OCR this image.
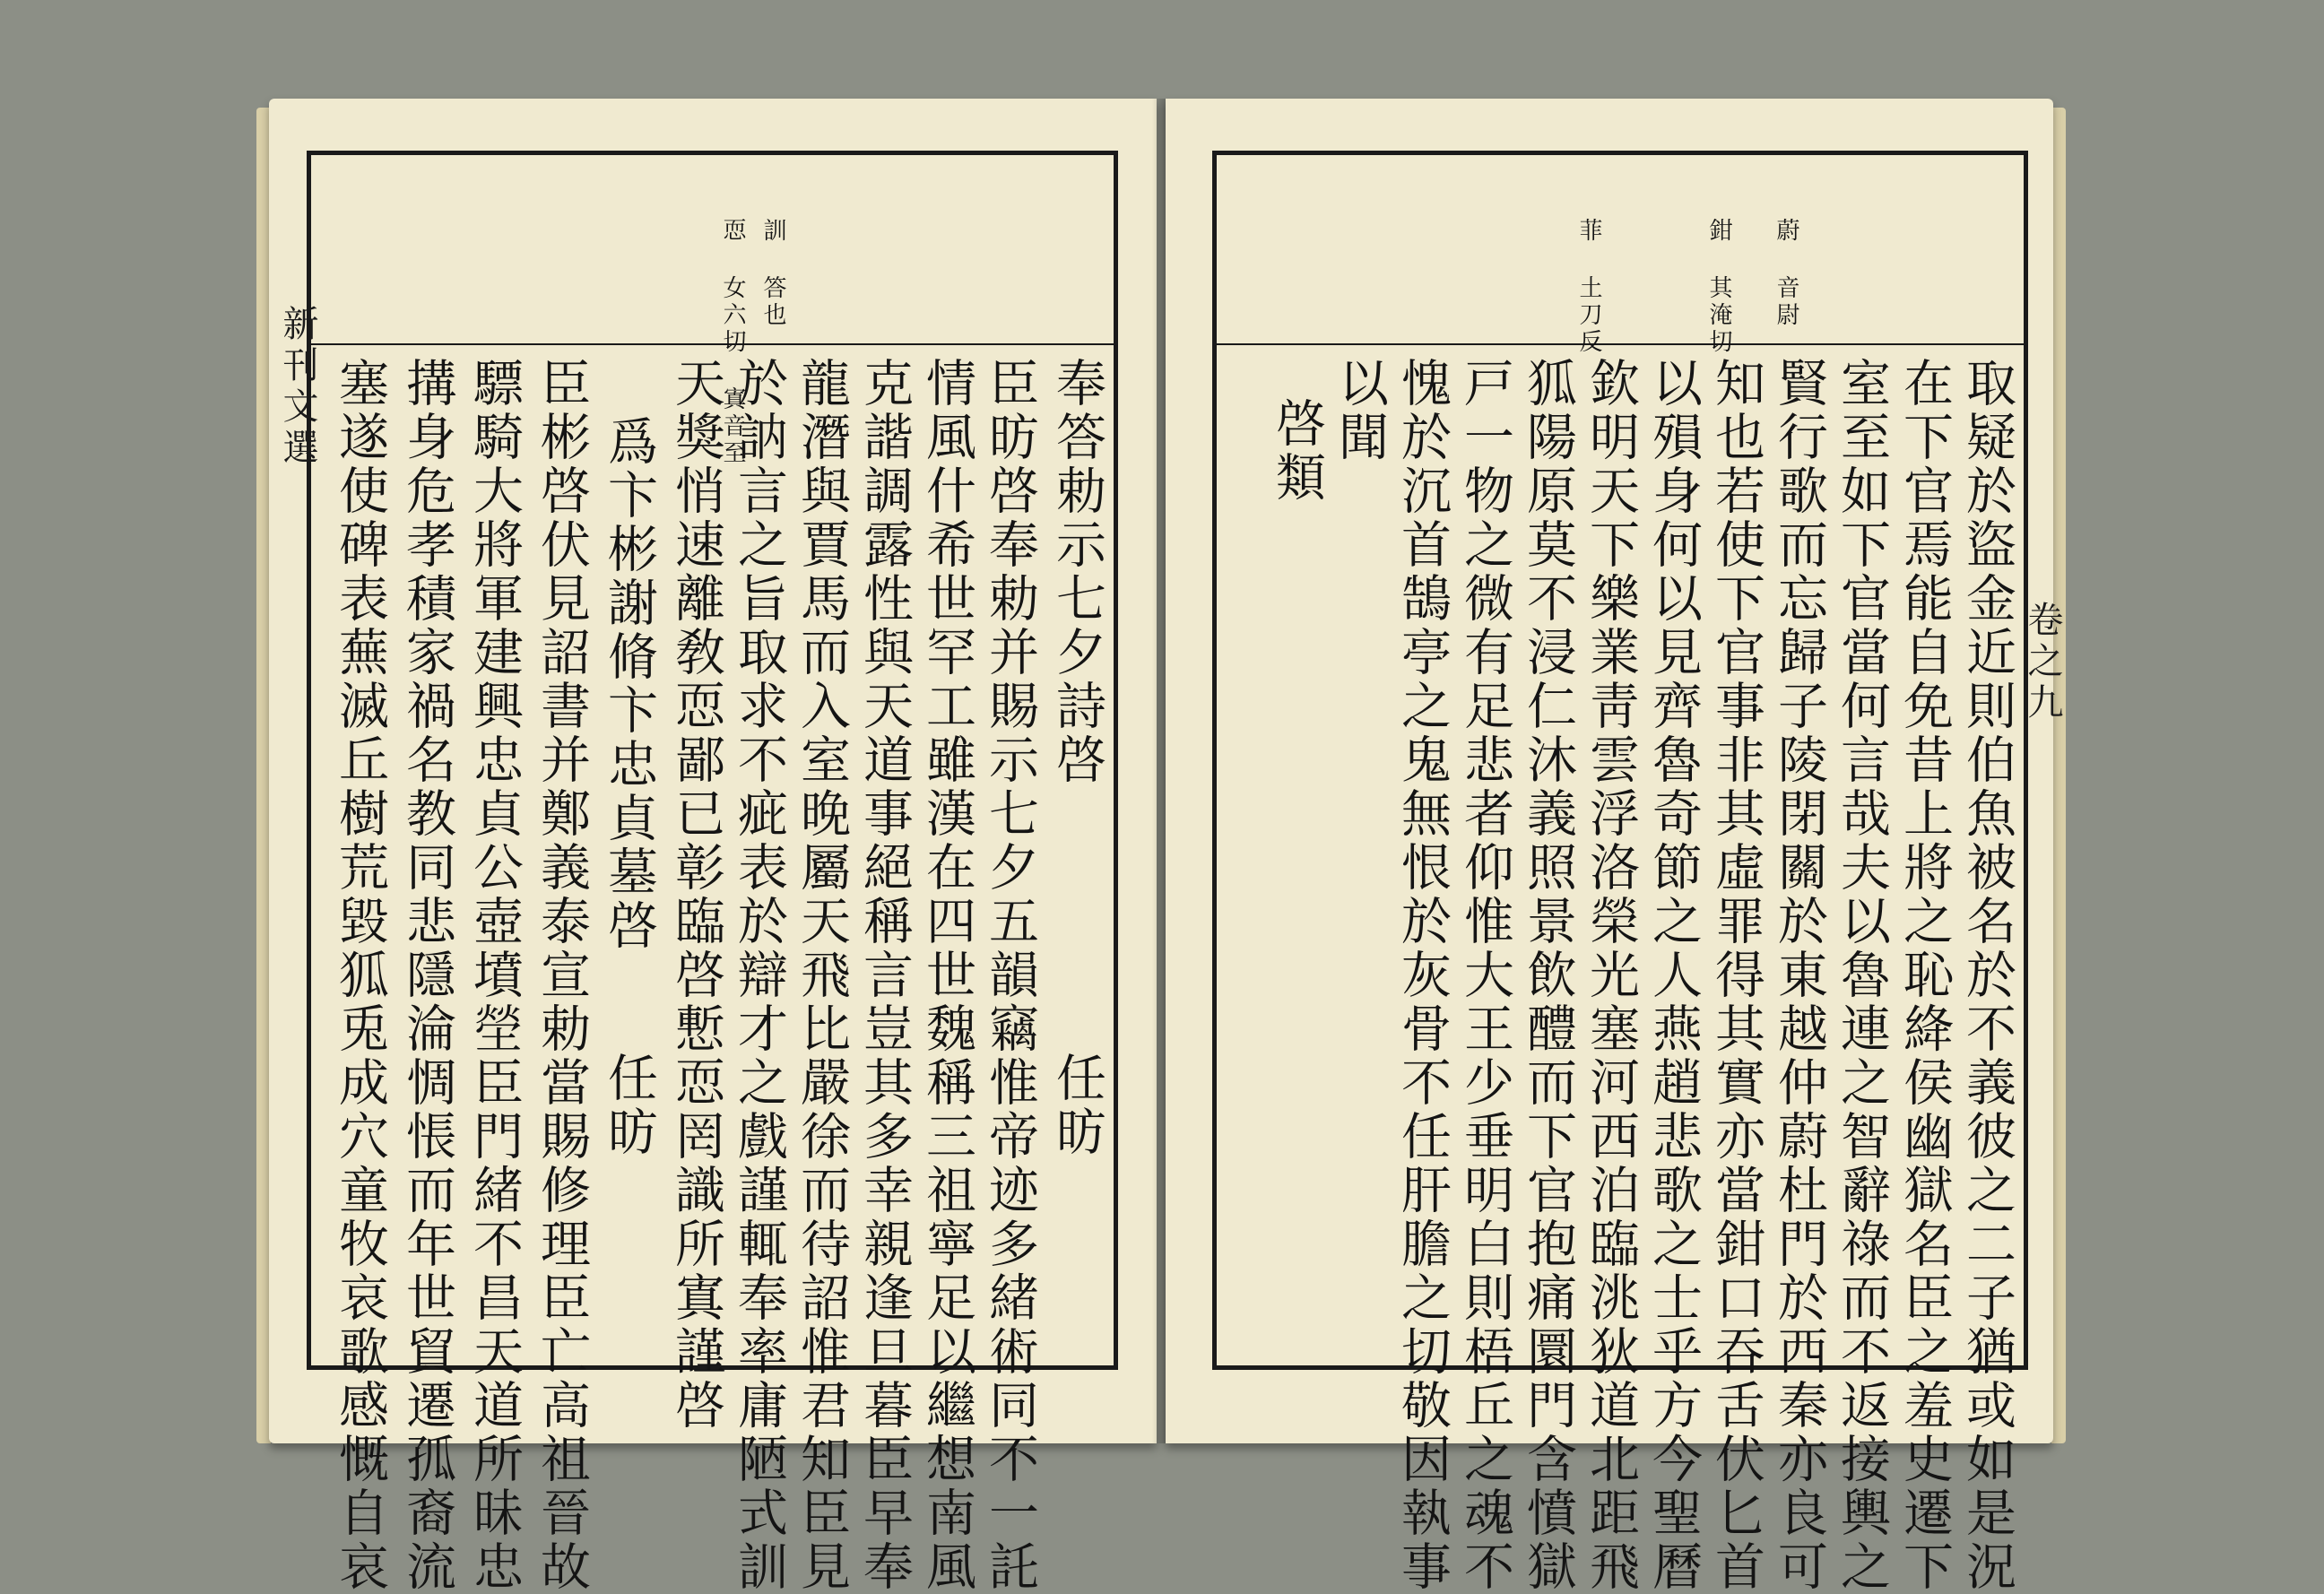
新刊文選
訓 答也
恧 女六切 寘音至
奉答勅示七夕詩啓
任昉
臣昉啓奉勅并賜示七夕五韻竊惟帝迹多緒術同不一託
情風什希世罕工雖漢在四世魏稱三祖寧足以繼想南風
克諧調露性與天道事絕稱言豈其多幸親逢旦暮臣早奉
龍潛與賈馬而入室晚屬天飛比嚴徐而待詔惟君知臣見
於訥言之旨取求不疵表於辯才之戲謹輒奉率庸陋式訓
天獎悄速離敎恧鄙已彰臨啓慙恧罔識所寘謹啓
爲卞彬謝脩卞忠貞墓啓
任昉
臣彬啓伏見詔書并鄭義泰宣勅當賜修理臣亡高祖晉故
驃騎大將軍建興忠貞公壺墳塋臣門緒不昌天道所昧忠
搆身危孝積家禍名教同悲隱淪惆悵而年世貿遷孤裔流
塞遂使碑表蕪滅丘樹荒毀狐兎成穴童牧哀歌感慨自哀	卷之九
蔚 音尉
鉗 其淹切
菲 土刀反
取疑於盜金近則伯魚被名於不義彼之二子猶或如是況
在下官焉能自免昔上將之恥絳侯幽獄名臣之羞史遷下
室至如下官當何言哉夫以魯連之智辭祿而不返接輿之
賢行歌而忘歸子陵閉關於東越仲蔚杜門於西秦亦良可
知也若使下官事非其虛罪得其實亦當鉗口吞舌伏匕首
以殞身何以見齊魯奇節之人燕趙悲歌之士乎方今聖曆
欽明天下樂業靑雲浮洛榮光塞河西泊臨洮狄道北距飛
狐陽原莫不浸仁沐義照景飲醴而下官抱痛圜門含憤獄
戸一物之微有足悲者仰惟大王少垂明白則梧丘之魂不
愧於沉首鵠亭之鬼無恨於灰骨不任肝膽之切敬因執事
以聞
啓類
